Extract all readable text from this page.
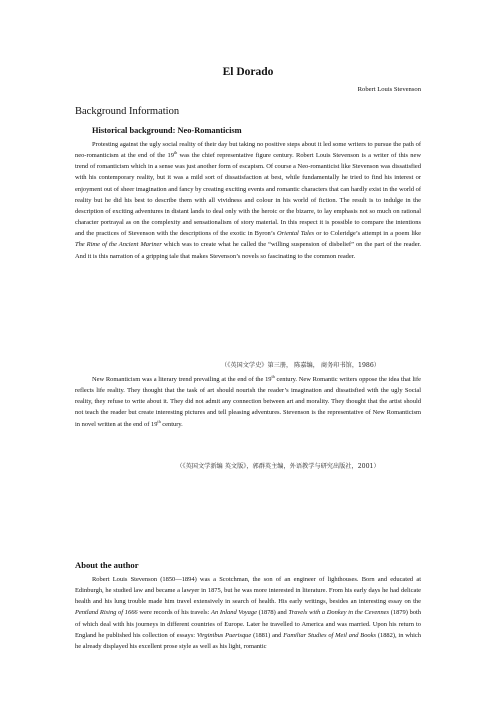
El Dorado
Robert Louis Stevenson
Background Information
Historical background: Neo-Romanticism

Protesting against the ugly social reality of their day but taking no positive steps about it led some writers to pursue the path of neo-romanticism at the end of the 19th was the chief representative figure century. Robert Louis Stevenson is a writer of this new trend of romanticism which in a sense was just another form of escapism. Of course a Neo-romanticist like Stevenson was dissatisfied with his contemporary reality, but it was a mild sort of dissatisfaction at best, while fundamentally he tried to find his interest or enjoyment out of sheer imagination and fancy by creating exciting events and romantic characters that can hardly exist in the world of reality but he did his best to describe them with all vividness and colour in his world of fiction. The result is to indulge in the description of exciting adventures in distant lands to deal only with the heroic or the bizarre, to lay emphasis not so much on rational character portrayal as on the complexity and sensationalism of story material. In this respect it is possible to compare the intentions and the practices of Stevenson with the descriptions of the exotic in Byron’s Oriental Tales or to Coleridge’s attempt in a poem like The Rime of the Ancient Mariner which was to create what he called the “willing suspension of disbelief” on the part of the reader. And it is this narration of a gripping tale that makes Stevenson’s novels so fascinating to the common reader.

（《英国文学史》第三册， 陈嘉编， 商务印书馆，1986）

New Romanticism was a literary trend prevailing at the end of the 19th century. New Romantic writers oppose the idea that life reflects life reality. They thought that the task of art should nourish the reader’s imagination and dissatisfied with the ugly Social reality, they refuse to write about it. They did not admit any connection between art and morality. They thought that the artist should not teach the reader but create interesting pictures and tell pleasing adventures. Stevenson is the representative of New Romanticism in novel written at the end of 19th century.

（《英国文学新编 英文版》，郭群英主编，外语教学与研究出版社，2001）
About the author

Robert Louis Stevenson (1850—1894) was a Scotchman, the son of an engineer of lighthouses. Born and educated at Edinburgh, he studied law and became a lawyer in 1875, but he was more interested in literature. From his early days he had delicate health and his lung trouble made him travel extensively in search of health. His early writings, besides an interesting essay on the Pentland Rising of 1666 were records of his travels: An Inland Voyage (1878) and Travels with a Donkey in the Cevennes (1879) both of which deal with his journeys in different countries of Europe. Later he travelled to America and was married. Upon his return to England he published his collection of essays: Virginibus Puerisque (1881) and Familiar Studies of Meil and Books (1882), in which he already displayed his excellent prose style as well as his light, romantic
